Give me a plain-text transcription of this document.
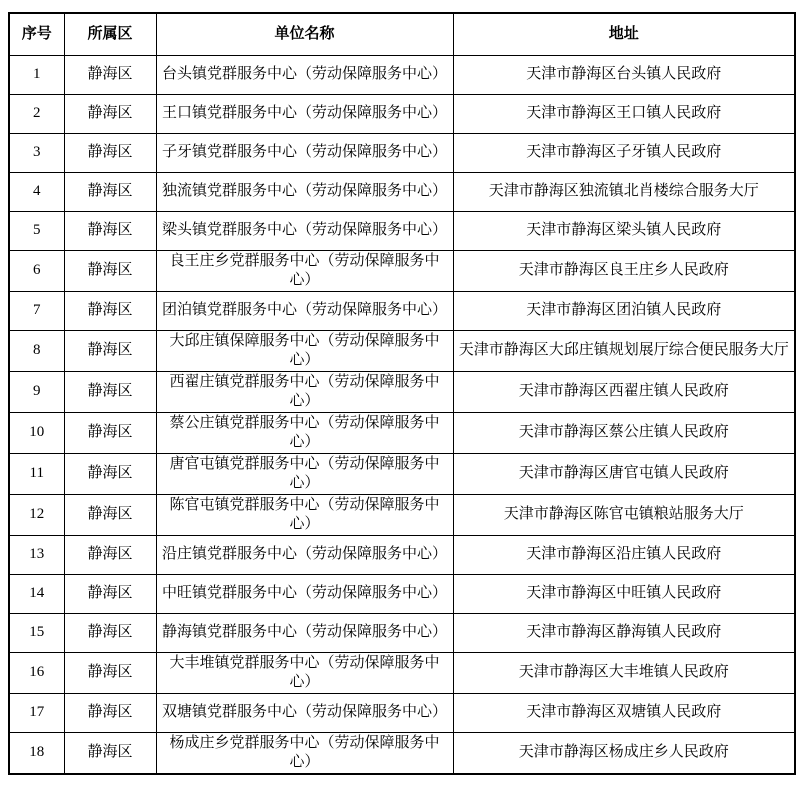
序号	所属区	单位名称	地址
1	静海区	台头镇党群服务中心（劳动保障服务中心）	天津市静海区台头镇人民政府
2	静海区	王口镇党群服务中心（劳动保障服务中心）	天津市静海区王口镇人民政府
3	静海区	子牙镇党群服务中心（劳动保障服务中心）	天津市静海区子牙镇人民政府
4	静海区	独流镇党群服务中心（劳动保障服务中心）	天津市静海区独流镇北肖楼综合服务大厅
5	静海区	梁头镇党群服务中心（劳动保障服务中心）	天津市静海区梁头镇人民政府
6	静海区	良王庄乡党群服务中心（劳动保障服务中心）	天津市静海区良王庄乡人民政府
7	静海区	团泊镇党群服务中心（劳动保障服务中心）	天津市静海区团泊镇人民政府
8	静海区	大邱庄镇保障服务中心（劳动保障服务中心）	天津市静海区大邱庄镇规划展厅综合便民服务大厅
9	静海区	西翟庄镇党群服务中心（劳动保障服务中心）	天津市静海区西翟庄镇人民政府
10	静海区	蔡公庄镇党群服务中心（劳动保障服务中心）	天津市静海区蔡公庄镇人民政府
11	静海区	唐官屯镇党群服务中心（劳动保障服务中心）	天津市静海区唐官屯镇人民政府
12	静海区	陈官屯镇党群服务中心（劳动保障服务中心）	天津市静海区陈官屯镇粮站服务大厅
13	静海区	沿庄镇党群服务中心（劳动保障服务中心）	天津市静海区沿庄镇人民政府
14	静海区	中旺镇党群服务中心（劳动保障服务中心）	天津市静海区中旺镇人民政府
15	静海区	静海镇党群服务中心（劳动保障服务中心）	天津市静海区静海镇人民政府
16	静海区	大丰堆镇党群服务中心（劳动保障服务中心）	天津市静海区大丰堆镇人民政府
17	静海区	双塘镇党群服务中心（劳动保障服务中心）	天津市静海区双塘镇人民政府
18	静海区	杨成庄乡党群服务中心（劳动保障服务中心）	天津市静海区杨成庄乡人民政府
